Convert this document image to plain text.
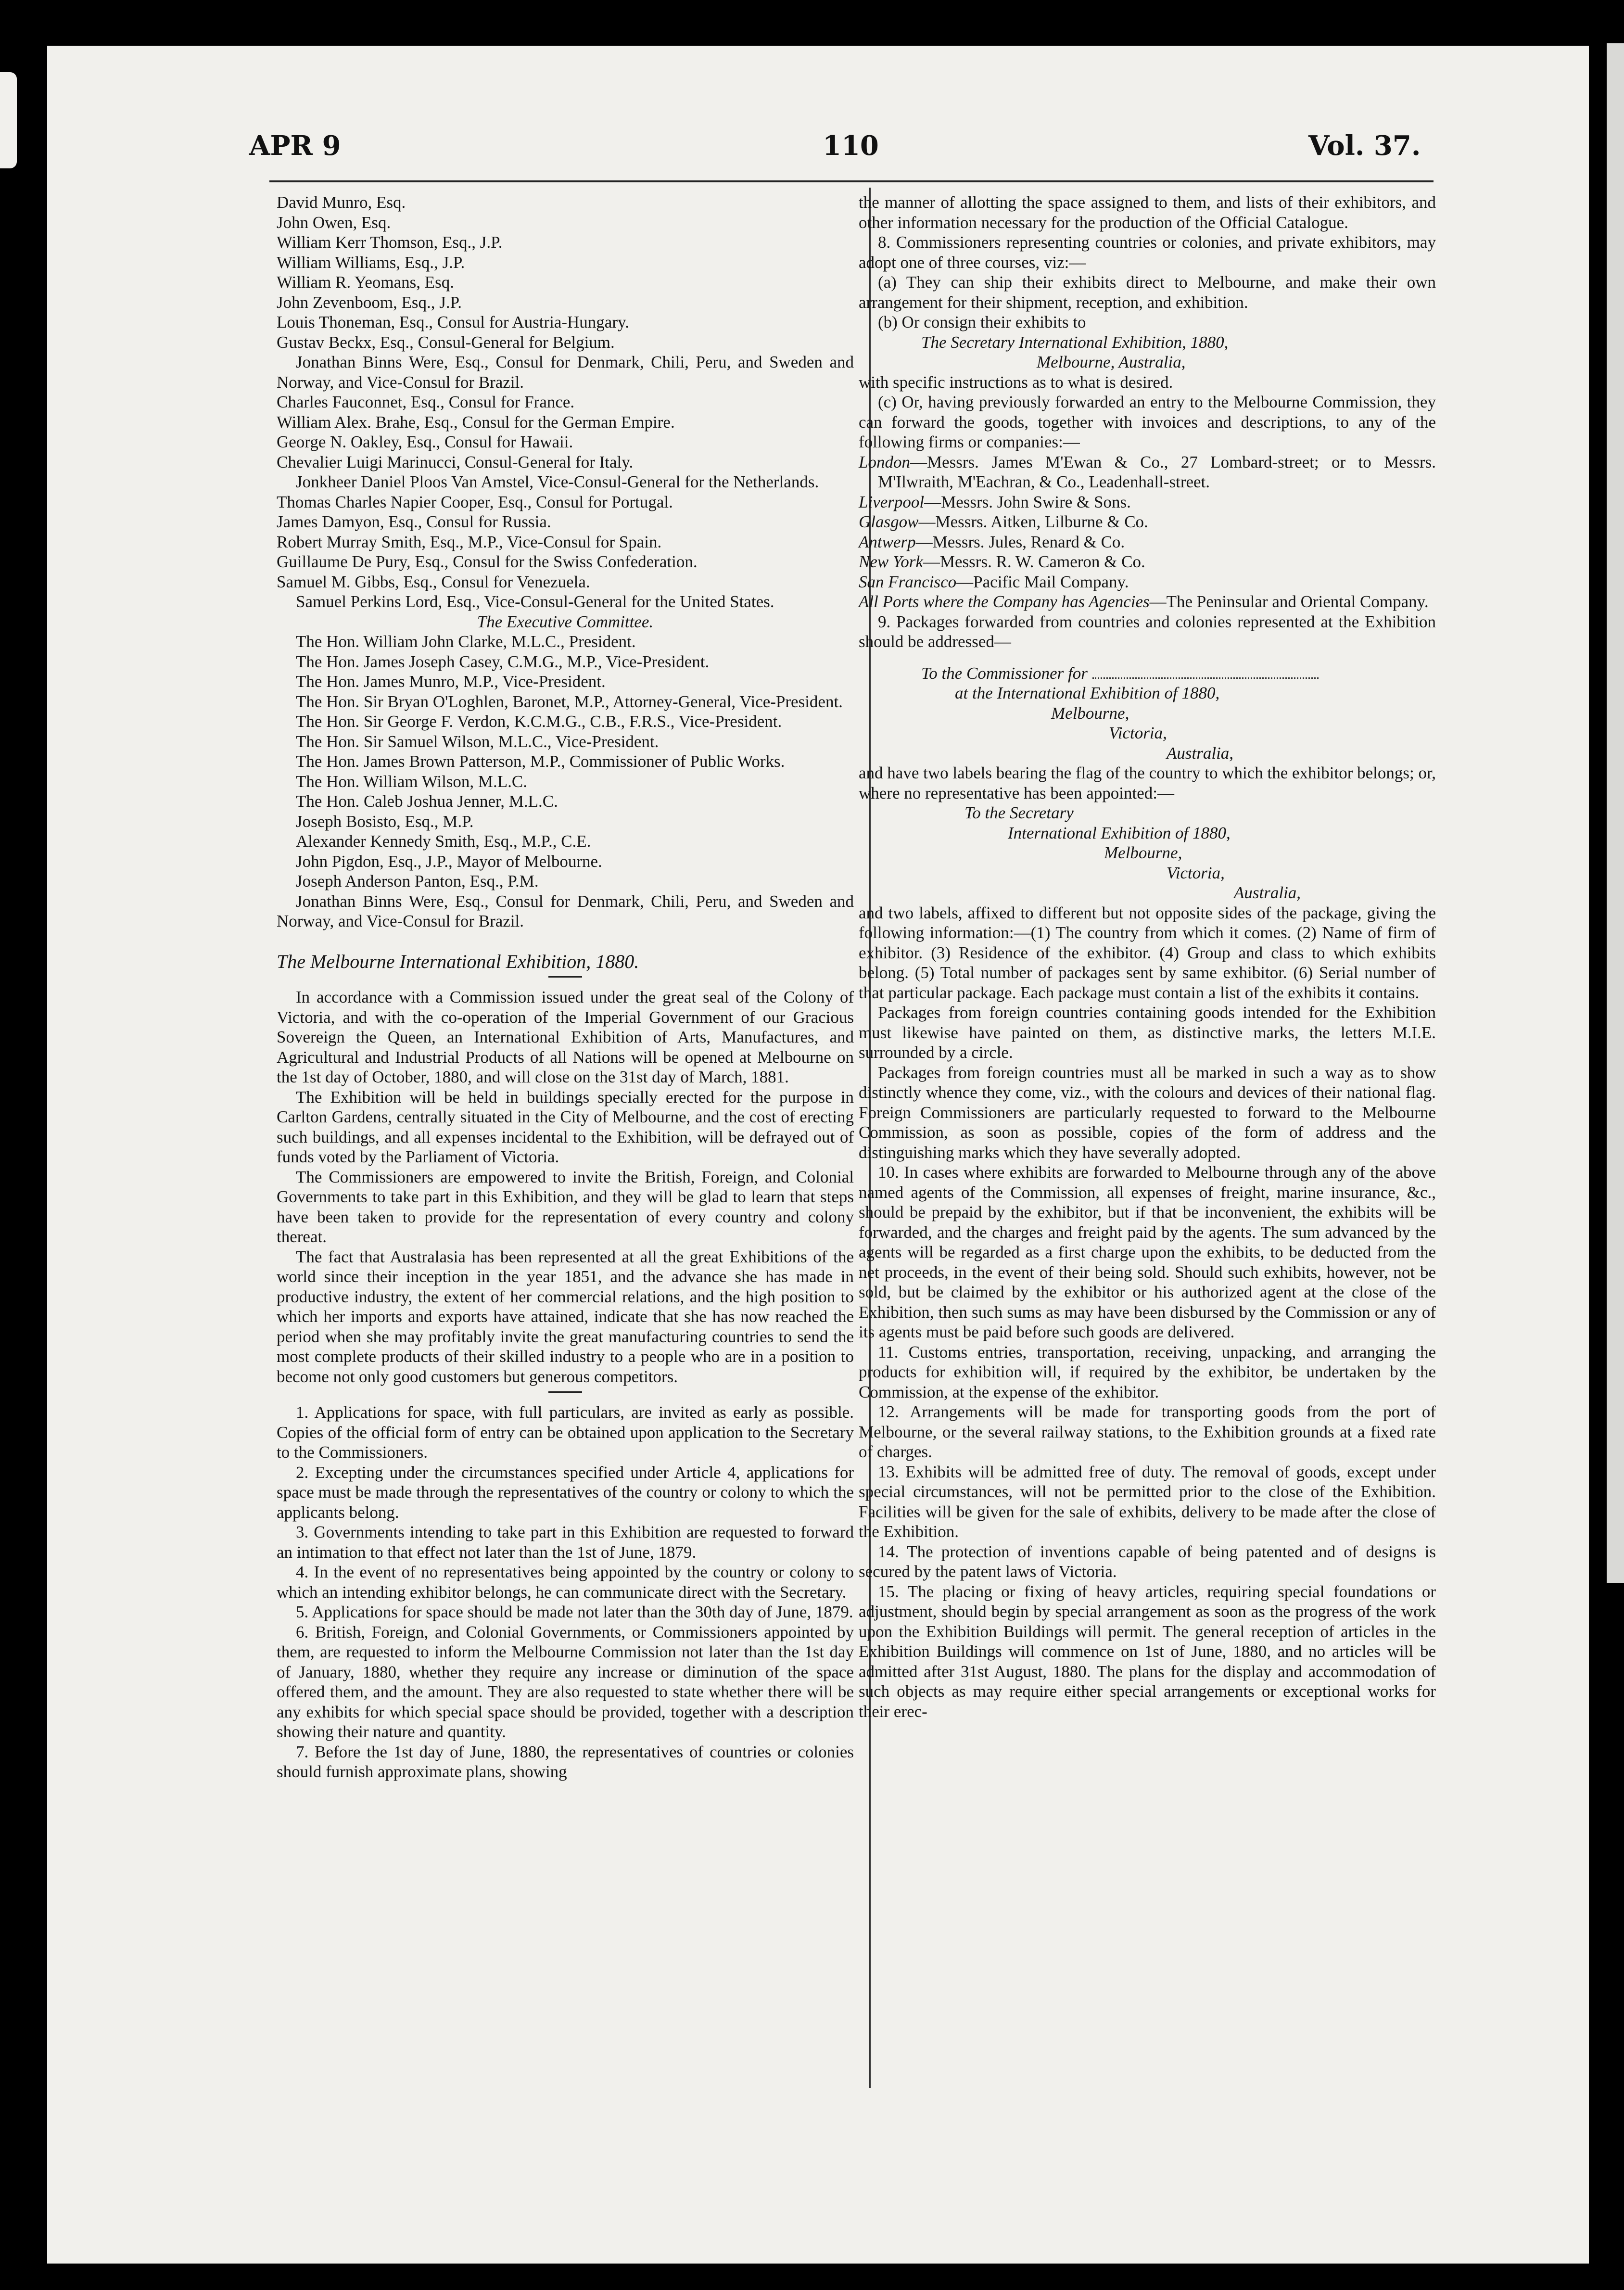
APR 9	110	Vol. 37.

David Munro, Esq.

John Owen, Esq.

William Kerr Thomson, Esq., J.P.

William Williams, Esq., J.P.

William R. Yeomans, Esq.

John Zevenboom, Esq., J.P.

Louis Thoneman, Esq., Consul for Austria-Hungary.

Gustav Beckx, Esq., Consul-General for Belgium.

Jonathan Binns Were, Esq., Consul for Denmark, Chili, Peru, and Sweden and Norway, and Vice-Consul for Brazil.

Charles Fauconnet, Esq., Consul for France.

William Alex. Brahe, Esq., Consul for the German Empire.

George N. Oakley, Esq., Consul for Hawaii.

Chevalier Luigi Marinucci, Consul-General for Italy.

Jonkheer Daniel Ploos Van Amstel, Vice-Consul-General for the Netherlands.

Thomas Charles Napier Cooper, Esq., Consul for Portugal.

James Damyon, Esq., Consul for Russia.

Robert Murray Smith, Esq., M.P., Vice-Consul for Spain.

Guillaume De Pury, Esq., Consul for the Swiss Confederation.

Samuel M. Gibbs, Esq., Consul for Venezuela.

Samuel Perkins Lord, Esq., Vice-Consul-General for the United States.

The Executive Committee.

The Hon. William John Clarke, M.L.C., President.

The Hon. James Joseph Casey, C.M.G., M.P., Vice-President.

The Hon. James Munro, M.P., Vice-President.

The Hon. Sir Bryan O'Loghlen, Baronet, M.P., Attorney-General, Vice-President.

The Hon. Sir George F. Verdon, K.C.M.G., C.B., F.R.S., Vice-President.

The Hon. Sir Samuel Wilson, M.L.C., Vice-President.

The Hon. James Brown Patterson, M.P., Commissioner of Public Works.

The Hon. William Wilson, M.L.C.

The Hon. Caleb Joshua Jenner, M.L.C.

Joseph Bosisto, Esq., M.P.

Alexander Kennedy Smith, Esq., M.P., C.E.

John Pigdon, Esq., J.P., Mayor of Melbourne.

Joseph Anderson Panton, Esq., P.M.

Jonathan Binns Were, Esq., Consul for Denmark, Chili, Peru, and Sweden and Norway, and Vice-Consul for Brazil.

The Melbourne International Exhibition, 1880.

In accordance with a Commission issued under the great seal of the Colony of Victoria, and with the co-operation of the Imperial Government of our Gracious Sovereign the Queen, an International Exhibition of Arts, Manufactures, and Agricultural and Industrial Products of all Nations will be opened at Melbourne on the 1st day of October, 1880, and will close on the 31st day of March, 1881.

The Exhibition will be held in buildings specially erected for the purpose in Carlton Gardens, centrally situated in the City of Melbourne, and the cost of erecting such buildings, and all expenses incidental to the Exhibition, will be defrayed out of funds voted by the Parliament of Victoria.

The Commissioners are empowered to invite the British, Foreign, and Colonial Governments to take part in this Exhibition, and they will be glad to learn that steps have been taken to provide for the representation of every country and colony thereat.

The fact that Australasia has been represented at all the great Exhibitions of the world since their inception in the year 1851, and the advance she has made in productive industry, the extent of her commercial relations, and the high position to which her imports and exports have attained, indicate that she has now reached the period when she may profitably invite the great manufacturing countries to send the most complete products of their skilled industry to a people who are in a position to become not only good customers but generous competitors.

1. Applications for space, with full particulars, are invited as early as possible. Copies of the official form of entry can be obtained upon application to the Secretary to the Commissioners.

2. Excepting under the circumstances specified under Article 4, applications for space must be made through the representatives of the country or colony to which the applicants belong.

3. Governments intending to take part in this Exhibition are requested to forward an intimation to that effect not later than the 1st of June, 1879.

4. In the event of no representatives being appointed by the country or colony to which an intending exhibitor belongs, he can communicate direct with the Secretary.

5. Applications for space should be made not later than the 30th day of June, 1879.

6. British, Foreign, and Colonial Governments, or Commissioners appointed by them, are requested to inform the Melbourne Commission not later than the 1st day of January, 1880, whether they require any increase or diminution of the space offered them, and the amount. They are also requested to state whether there will be any exhibits for which special space should be provided, together with a description showing their nature and quantity.

7. Before the 1st day of June, 1880, the representatives of countries or colonies should furnish approximate plans, showing

the manner of allotting the space assigned to them, and lists of their exhibitors, and other information necessary for the production of the Official Catalogue.

8. Commissioners representing countries or colonies, and private exhibitors, may adopt one of three courses, viz:—

(a) They can ship their exhibits direct to Melbourne, and make their own arrangement for their shipment, reception, and exhibition.

(b) Or consign their exhibits to

The Secretary International Exhibition, 1880,

Melbourne, Australia,

with specific instructions as to what is desired.

(c) Or, having previously forwarded an entry to the Melbourne Commission, they can forward the goods, together with invoices and descriptions, to any of the following firms or companies:—

London—Messrs. James M'Ewan & Co., 27 Lombard-street; or to Messrs. M'Ilwraith, M'Eachran, & Co., Leadenhall-street.

Liverpool—Messrs. John Swire & Sons.

Glasgow—Messrs. Aitken, Lilburne & Co.

Antwerp—Messrs. Jules, Renard & Co.

New York—Messrs. R. W. Cameron & Co.

San Francisco—Pacific Mail Company.

All Ports where the Company has Agencies—The Peninsular and Oriental Company.

9. Packages forwarded from countries and colonies represented at the Exhibition should be addressed—

To the Commissioner for

at the International Exhibition of 1880,

Melbourne,

Victoria,

Australia,

and have two labels bearing the flag of the country to which the exhibitor belongs; or, where no representative has been appointed:—

To the Secretary

International Exhibition of 1880,

Melbourne,

Victoria,

Australia,

and two labels, affixed to different but not opposite sides of the package, giving the following information:—(1) The country from which it comes. (2) Name of firm of exhibitor. (3) Residence of the exhibitor. (4) Group and class to which exhibits belong. (5) Total number of packages sent by same exhibitor. (6) Serial number of that particular package. Each package must contain a list of the exhibits it contains.

Packages from foreign countries containing goods intended for the Exhibition must likewise have painted on them, as distinctive marks, the letters M.I.E. surrounded by a circle.

Packages from foreign countries must all be marked in such a way as to show distinctly whence they come, viz., with the colours and devices of their national flag. Foreign Commissioners are particularly requested to forward to the Melbourne Commission, as soon as possible, copies of the form of address and the distinguishing marks which they have severally adopted.

10. In cases where exhibits are forwarded to Melbourne through any of the above named agents of the Commission, all expenses of freight, marine insurance, &c., should be prepaid by the exhibitor, but if that be inconvenient, the exhibits will be forwarded, and the charges and freight paid by the agents. The sum advanced by the agents will be regarded as a first charge upon the exhibits, to be deducted from the net proceeds, in the event of their being sold. Should such exhibits, however, not be sold, but be claimed by the exhibitor or his authorized agent at the close of the Exhibition, then such sums as may have been disbursed by the Commission or any of its agents must be paid before such goods are delivered.

11. Customs entries, transportation, receiving, unpacking, and arranging the products for exhibition will, if required by the exhibitor, be undertaken by the Commission, at the expense of the exhibitor.

12. Arrangements will be made for transporting goods from the port of Melbourne, or the several railway stations, to the Exhibition grounds at a fixed rate of charges.

13. Exhibits will be admitted free of duty. The removal of goods, except under special circumstances, will not be permitted prior to the close of the Exhibition. Facilities will be given for the sale of exhibits, delivery to be made after the close of the Exhibition.

14. The protection of inventions capable of being patented and of designs is secured by the patent laws of Victoria.

15. The placing or fixing of heavy articles, requiring special foundations or adjustment, should begin by special arrangement as soon as the progress of the work upon the Exhibition Buildings will permit. The general reception of articles in the Exhibition Buildings will commence on 1st of June, 1880, and no articles will be admitted after 31st August, 1880. The plans for the display and accommodation of such objects as may require either special arrangements or exceptional works for their erec-
